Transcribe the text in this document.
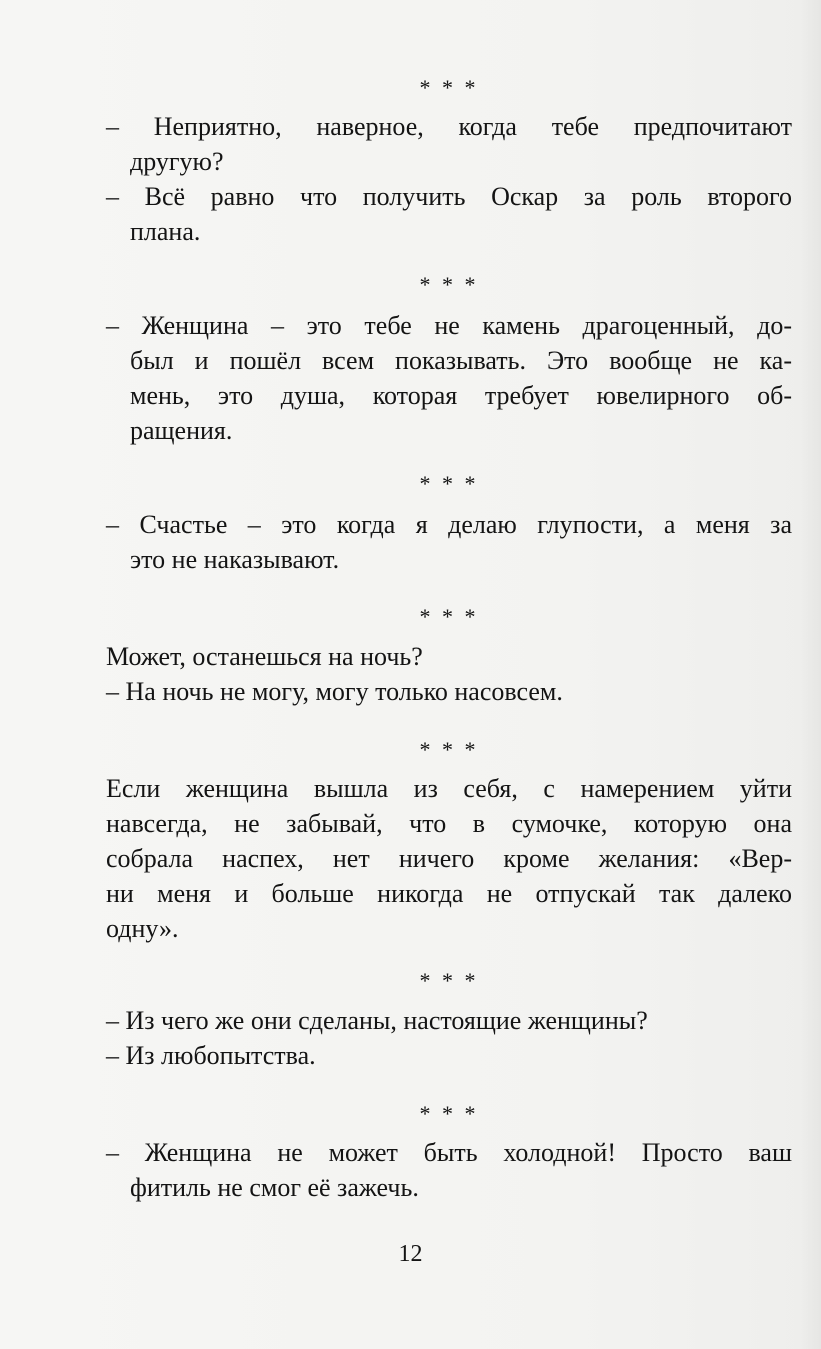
* * *
– Неприятно, наверное, когда тебе предпочитают
другую?
– Всё равно что получить Оскар за роль второго
плана.
* * *
– Женщина – это тебе не камень драгоценный, до-
был и пошёл всем показывать. Это вообще не ка-
мень, это душа, которая требует ювелирного об-
ращения.
* * *
– Счастье – это когда я делаю глупости, а меня за
это не наказывают.
* * *
Может, останешься на ночь?
– На ночь не могу, могу только насовсем.
* * *
Если женщина вышла из себя, с намерением уйти
навсегда, не забывай, что в сумочке, которую она
собрала наспех, нет ничего кроме желания: «Вер-
ни меня и больше никогда не отпускай так далеко
одну».
* * *
– Из чего же они сделаны, настоящие женщины?
– Из любопытства.
* * *
– Женщина не может быть холодной! Просто ваш
фитиль не смог её зажечь.
12
